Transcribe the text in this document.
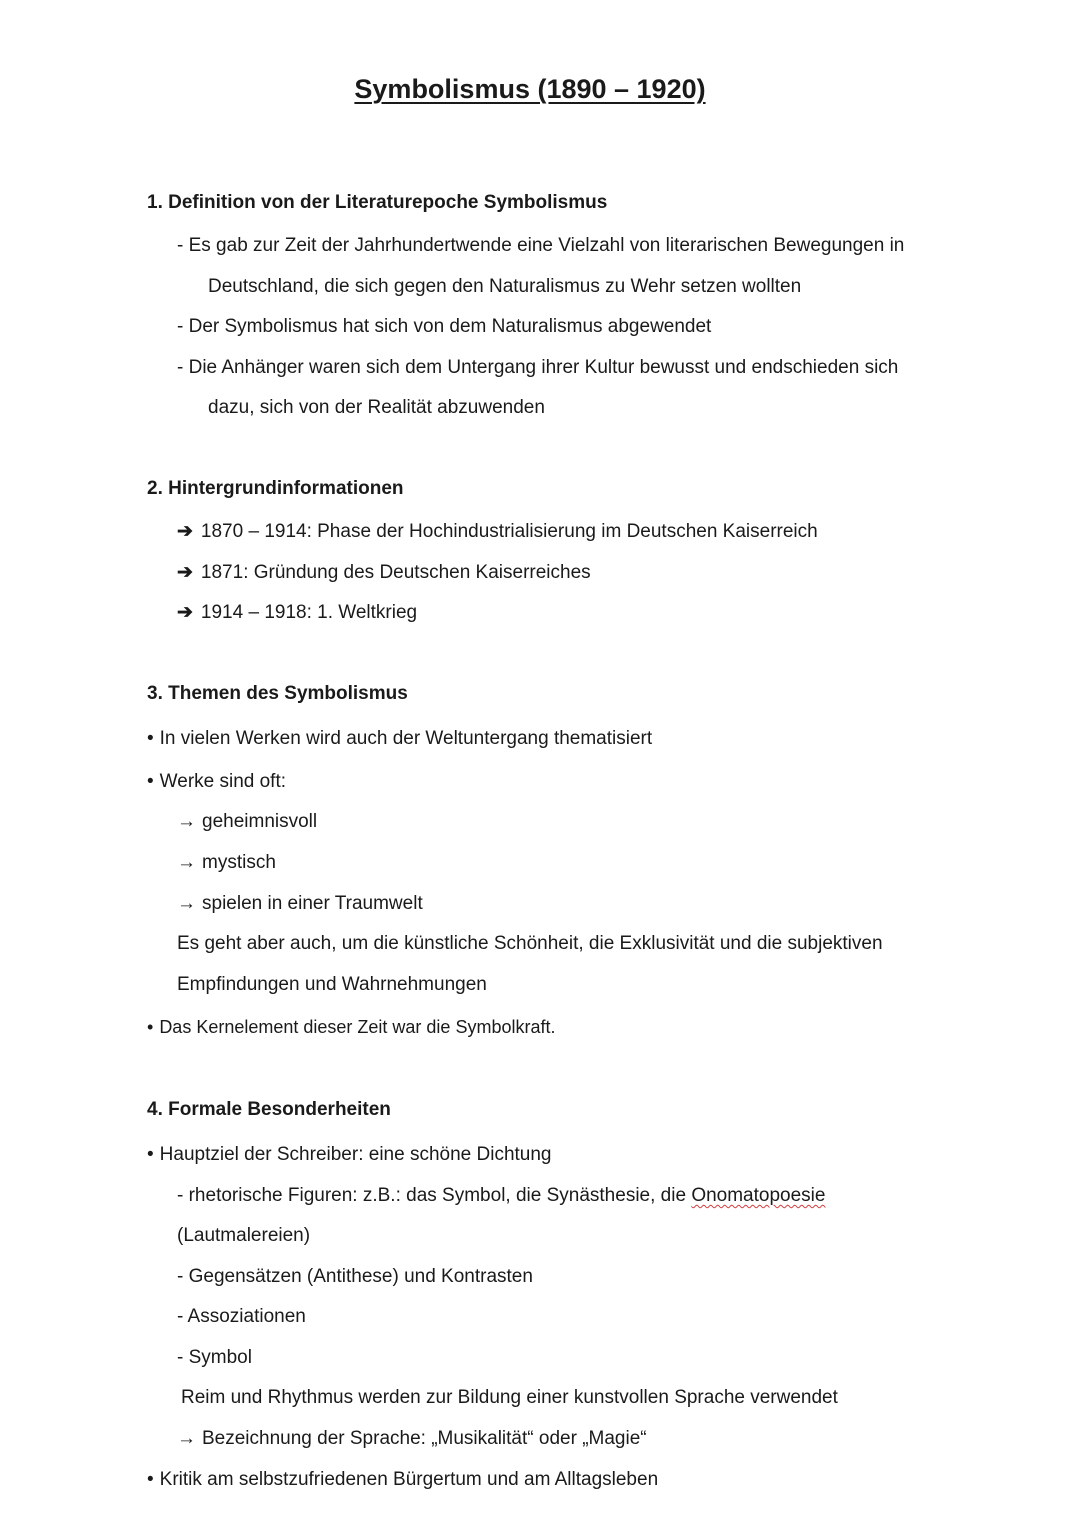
Symbolismus (1890 – 1920)
1. Definition von der Literaturepoche Symbolismus
- Es gab zur Zeit der Jahrhundertwende eine Vielzahl von literarischen Bewegungen in
Deutschland, die sich gegen den Naturalismus zu Wehr setzen wollten
- Der Symbolismus hat sich von dem Naturalismus abgewendet
- Die Anhänger waren sich dem Untergang ihrer Kultur bewusst und endschieden sich
dazu, sich von der Realität abzuwenden
2. Hintergrundinformationen
➔ 1870 – 1914: Phase der Hochindustrialisierung im Deutschen Kaiserreich
➔ 1871: Gründung des Deutschen Kaiserreiches
➔ 1914 – 1918: 1. Weltkrieg
3. Themen des Symbolismus
• In vielen Werken wird auch der Weltuntergang thematisiert
• Werke sind oft:
→ geheimnisvoll
→ mystisch
→ spielen in einer Traumwelt
Es geht aber auch, um die künstliche Schönheit, die Exklusivität und die subjektiven
Empfindungen und Wahrnehmungen
• Das Kernelement dieser Zeit war die Symbolkraft.
4. Formale Besonderheiten
• Hauptziel der Schreiber: eine schöne Dichtung
- rhetorische Figuren: z.B.: das Symbol, die Synästhesie, die Onomatopoesie
(Lautmalereien)
- Gegensätzen (Antithese) und Kontrasten
- Assoziationen
- Symbol
Reim und Rhythmus werden zur Bildung einer kunstvollen Sprache verwendet
→ Bezeichnung der Sprache: „Musikalität“ oder „Magie“
• Kritik am selbstzufriedenen Bürgertum und am Alltagsleben
